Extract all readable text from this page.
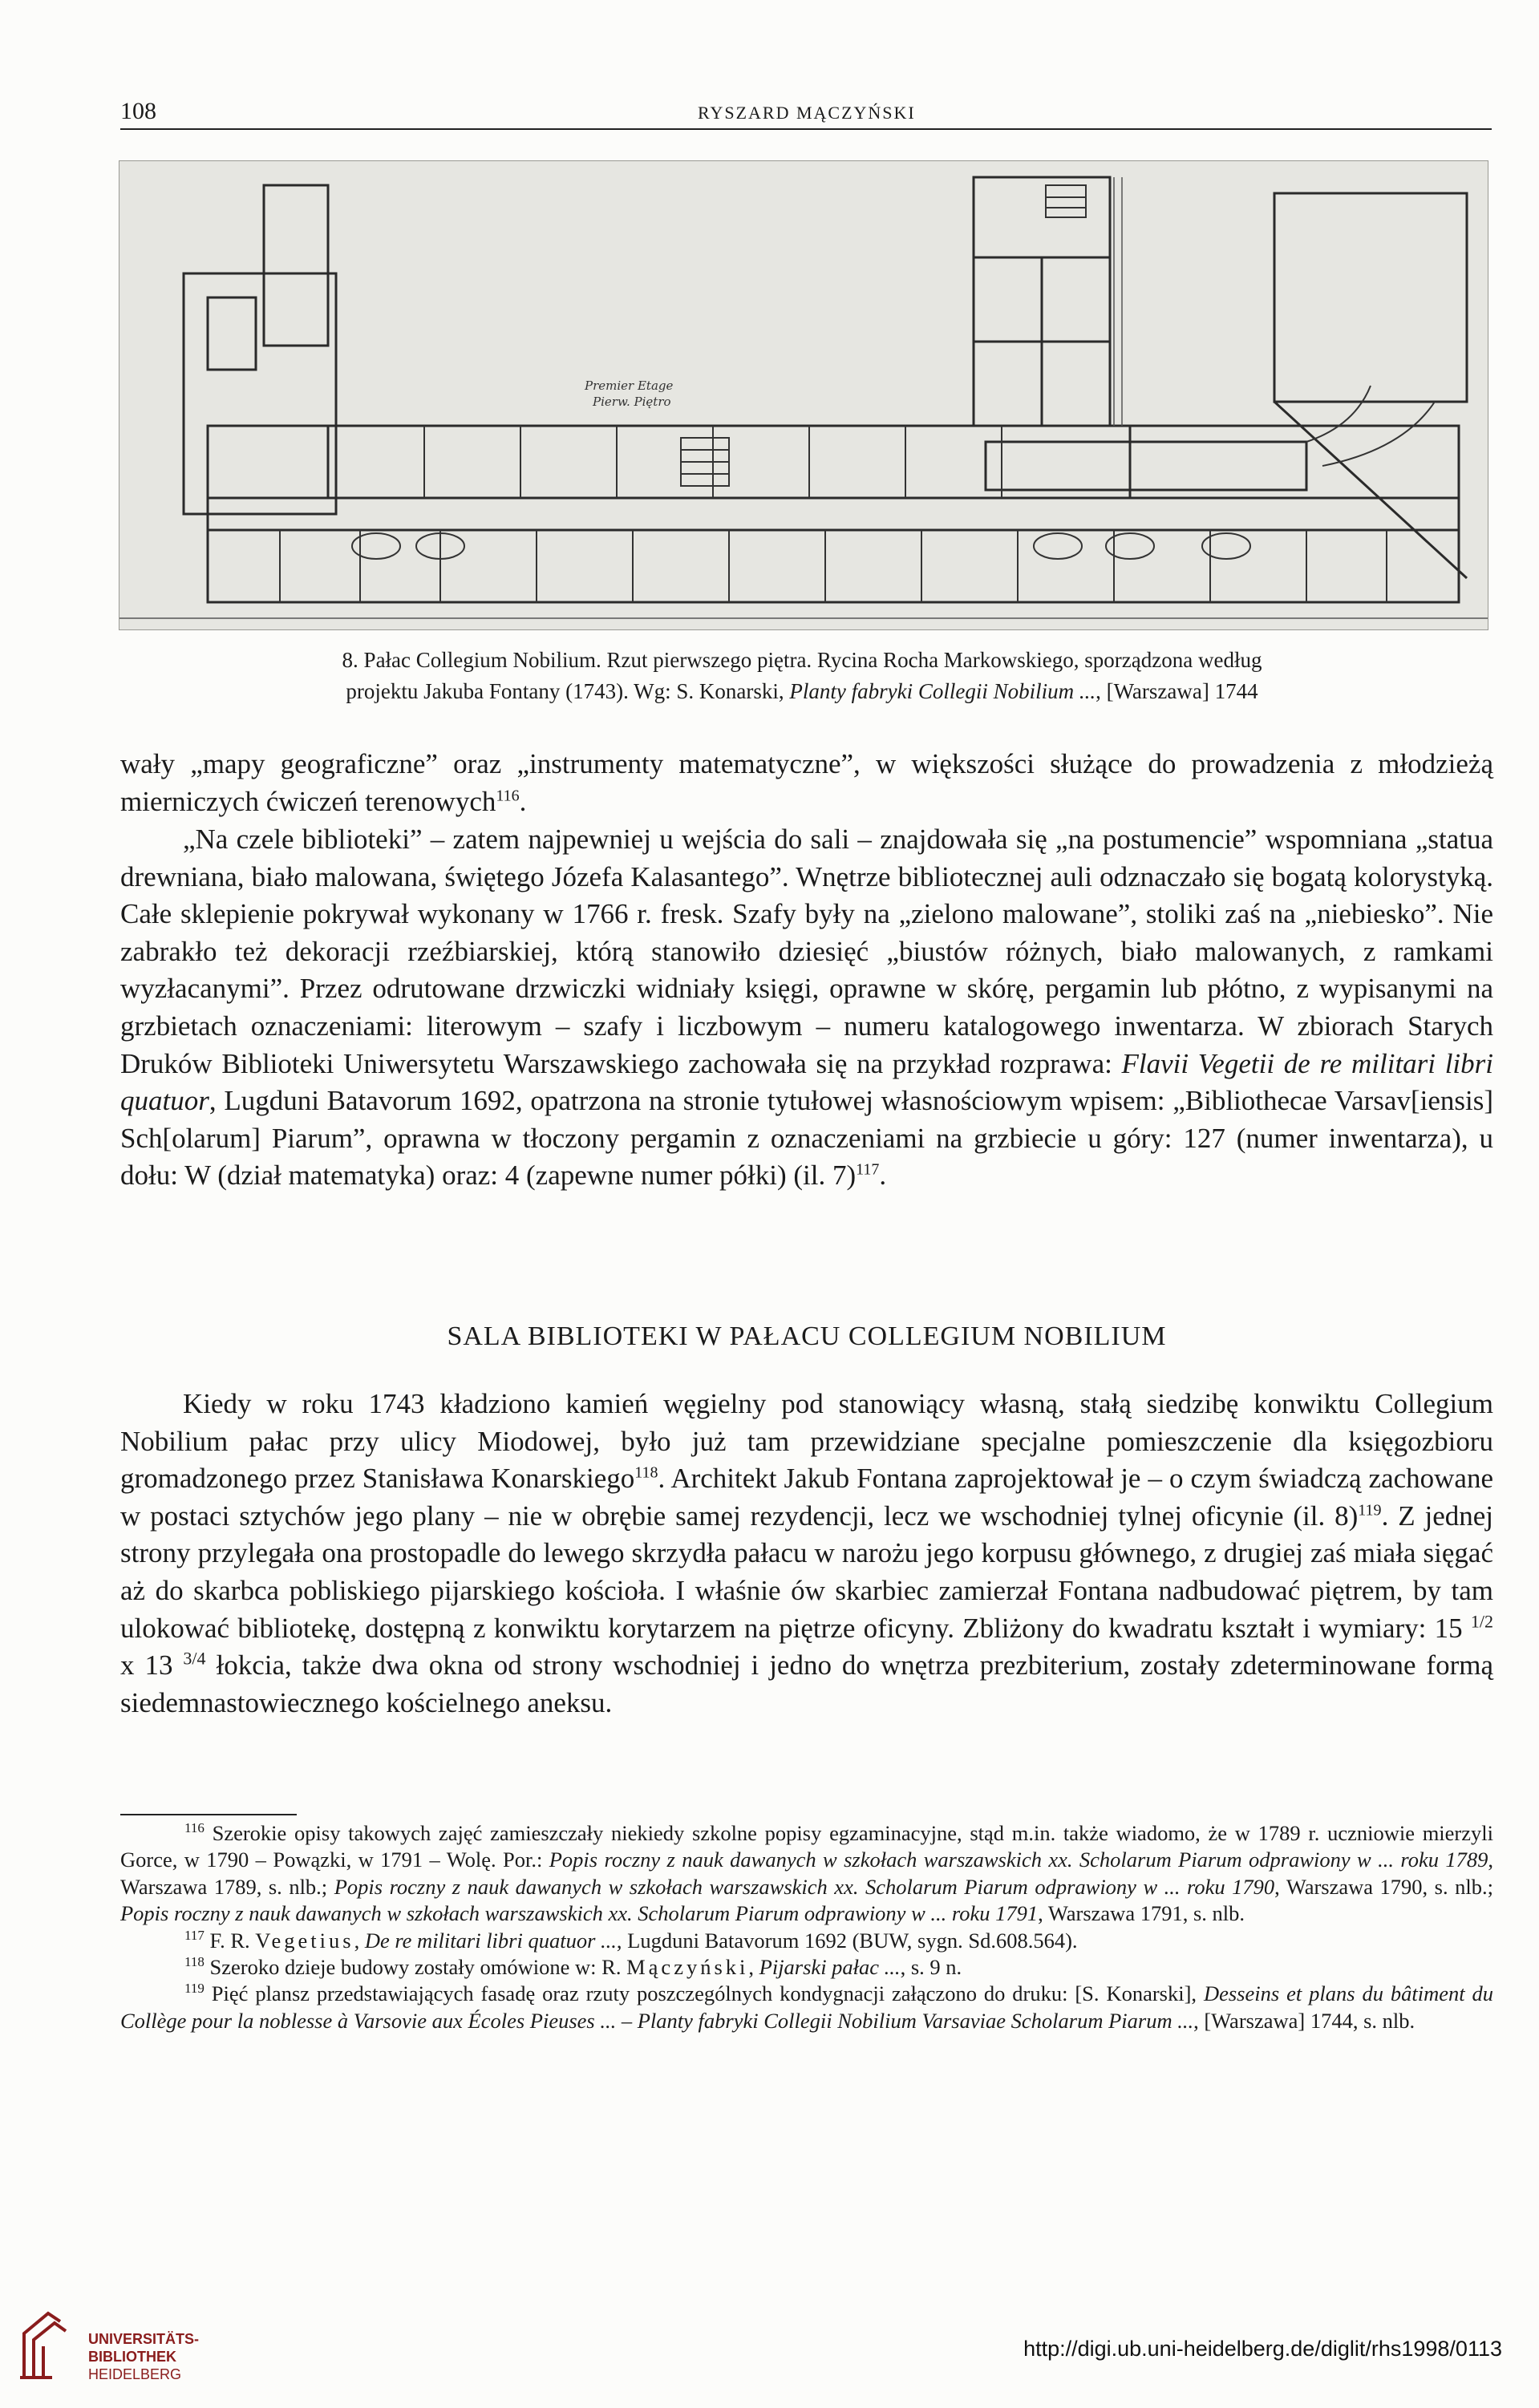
108	RYSZARD MĄCZYŃSKI
Premier Etage
Pierw. Piętro
8. Pałac Collegium Nobilium. Rzut pierwszego piętra. Rycina Rocha Markowskiego, sporządzona według
projektu Jakuba Fontany (1743). Wg: S. Konarski, Planty fabryki Collegii Nobilium ..., [Warszawa] 1744

wały „mapy geograficzne” oraz „instrumenty matematyczne”, w większości służące do prowadzenia z młodzieżą mierniczych ćwiczeń terenowych$^{116}$.

„Na czele biblioteki” – zatem najpewniej u wejścia do sali – znajdowała się „na postumencie” wspomniana „statua drewniana, biało malowana, świętego Józefa Kalasantego”. Wnętrze bibliotecznej auli odznaczało się bogatą kolorystyką. Całe sklepienie pokrywał wykonany w 1766 r. fresk. Szafy były na „zielono malowane”, stoliki zaś na „niebiesko”. Nie zabrakło też dekoracji rzeźbiarskiej, którą stanowiło dziesięć „biustów różnych, biało malowanych, z ramkami wyzłacanymi”. Przez odrutowane drzwiczki widniały księgi, oprawne w skórę, pergamin lub płótno, z wypisanymi na grzbietach oznaczeniami: literowym – szafy i liczbowym – numeru katalogowego inwentarza. W zbiorach Starych Druków Biblioteki Uniwersytetu Warszawskiego zachowała się na przykład rozprawa: Flavii Vegetii de re militari libri quatuor, Lugduni Batavorum 1692, opatrzona na stronie tytułowej własnościowym wpisem: „Bibliothecae Varsav[iensis] Sch[olarum] Piarum”, oprawna w tłoczony pergamin z oznaczeniami na grzbiecie u góry: 127 (numer inwentarza), u dołu: W (dział matematyka) oraz: 4 (zapewne numer półki) (il. 7)$^{117}$.

SALA BIBLIOTEKI W PAŁACU COLLEGIUM NOBILIUM

Kiedy w roku 1743 kładziono kamień węgielny pod stanowiący własną, stałą siedzibę konwiktu Collegium Nobilium pałac przy ulicy Miodowej, było już tam przewidziane specjalne pomieszczenie dla księgozbioru gromadzonego przez Stanisława Konarskiego$^{118}$. Architekt Jakub Fontana zaprojektował je – o czym świadczą zachowane w postaci sztychów jego plany – nie w obrębie samej rezydencji, lecz we wschodniej tylnej oficynie (il. 8)$^{119}$. Z jednej strony przylegała ona prostopadle do lewego skrzydła pałacu w narożu jego korpusu głównego, z drugiej zaś miała sięgać aż do skarbca pobliskiego pijarskiego kościoła. I właśnie ów skarbiec zamierzał Fontana nadbudować piętrem, by tam ulokować bibliotekę, dostępną z konwiktu korytarzem na piętrze oficyny. Zbliżony do kwadratu kształt i wymiary: 15 $^{1/2}$ x 13 $^{3/4}$ łokcia, także dwa okna od strony wschodniej i jedno do wnętrza prezbiterium, zostały zdeterminowane formą siedemnastowiecznego kościelnego aneksu.

$^{116}$ Szerokie opisy takowych zajęć zamieszczały niekiedy szkolne popisy egzaminacyjne, stąd m.in. także wiadomo, że w 1789 r. uczniowie mierzyli Gorce, w 1790 – Powązki, w 1791 – Wolę. Por.: Popis roczny z nauk dawanych w szkołach warszawskich xx. Scholarum Piarum odprawiony w ... roku 1789, Warszawa 1789, s. nlb.; Popis roczny z nauk dawanych w szkołach warszawskich xx. Scholarum Piarum odprawiony w ... roku 1790, Warszawa 1790, s. nlb.; Popis roczny z nauk dawanych w szkołach warszawskich xx. Scholarum Piarum odprawiony w ... roku 1791, Warszawa 1791, s. nlb.

$^{117}$ F. R. Vegetius, De re militari libri quatuor ..., Lugduni Batavorum 1692 (BUW, sygn. Sd.608.564).

$^{118}$ Szeroko dzieje budowy zostały omówione w: R. Mączyński, Pijarski pałac ..., s. 9 n.

$^{119}$ Pięć plansz przedstawiających fasadę oraz rzuty poszczególnych kondygnacji załączono do druku: [S. Konarski], Desseins et plans du bâtiment du Collège pour la noblesse à Varsovie aux Écoles Pieuses ... – Planty fabryki Collegii Nobilium Varsaviae Scholarum Piarum ..., [Warszawa] 1744, s. nlb.

UNIVERSITÄTS-
BIBLIOTHEK
HEIDELBERG
http://digi.ub.uni-heidelberg.de/diglit/rhs1998/0113
